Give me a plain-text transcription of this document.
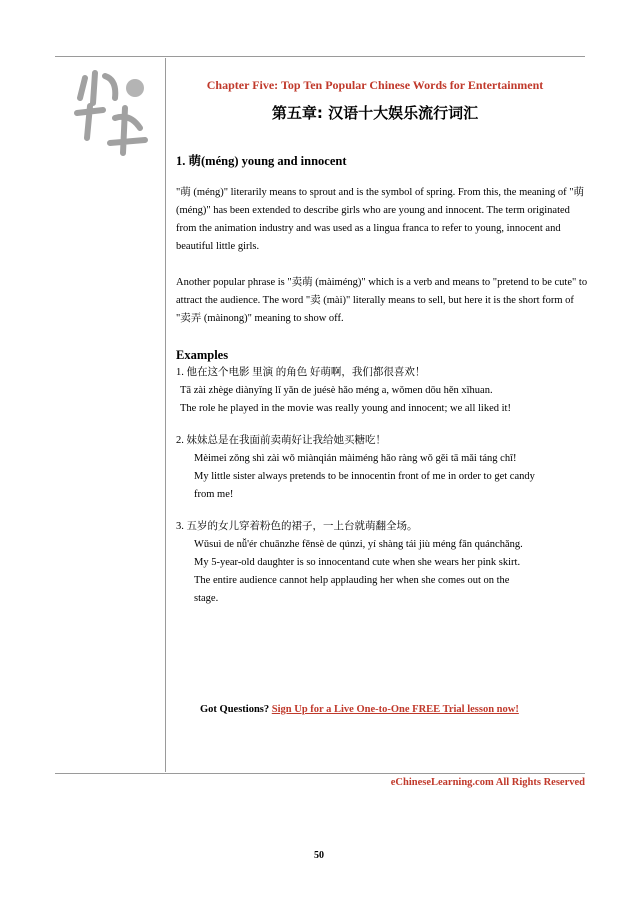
Chapter Five: Top Ten Popular Chinese Words for Entertainment
第五章: 汉语十大娱乐流行词汇
1. 萌(méng) young and innocent

"萌 (méng)" literarily means to sprout and is the symbol of spring. From this, the meaning of "萌 (méng)" has been extended to describe girls who are young and innocent. The term originated from the animation industry and was used as a lingua franca to refer to young, innocent and beautiful little girls.

Another popular phrase is "卖萌 (màiméng)" which is a verb and means to "pretend to be cute" to attract the audience. The word "卖 (mài)" literally means to sell, but here it is the short form of "卖弄 (màinong)" meaning to show off.

Examples
1. 他在这个电影 里演 的角色 好萌啊，我们都很喜欢！
Tā zài zhège diànyǐng lǐ yǎn de juésè hǎo méng a, wǒmen dōu hěn xǐhuan.
The role he played in the movie was really young and innocent; we all liked it!
2. 妹妹总是在我面前卖萌好让我给她买糖吃！
Mèimei zǒng shì zài wǒ miànqián màiméng hǎo ràng wǒ gěi tā mǎi táng chī!
My little sister always pretends to be innocentin front of me in order to get candy
from me!
3. 五岁的女儿穿着粉色的裙子，一上台就萌翻全场。
Wǔsuì de nǚ'ér chuānzhe fěnsè de qúnzi, yí shàng tái jiù méng fān quánchǎng.
My 5-year-old daughter is so innocentand cute when she wears her pink skirt.
The entire audience cannot help applauding her when she comes out on the
stage.
Got Questions? Sign Up for a Live One-to-One FREE Trial lesson now!
eChineseLearning.com All Rights Reserved
50
